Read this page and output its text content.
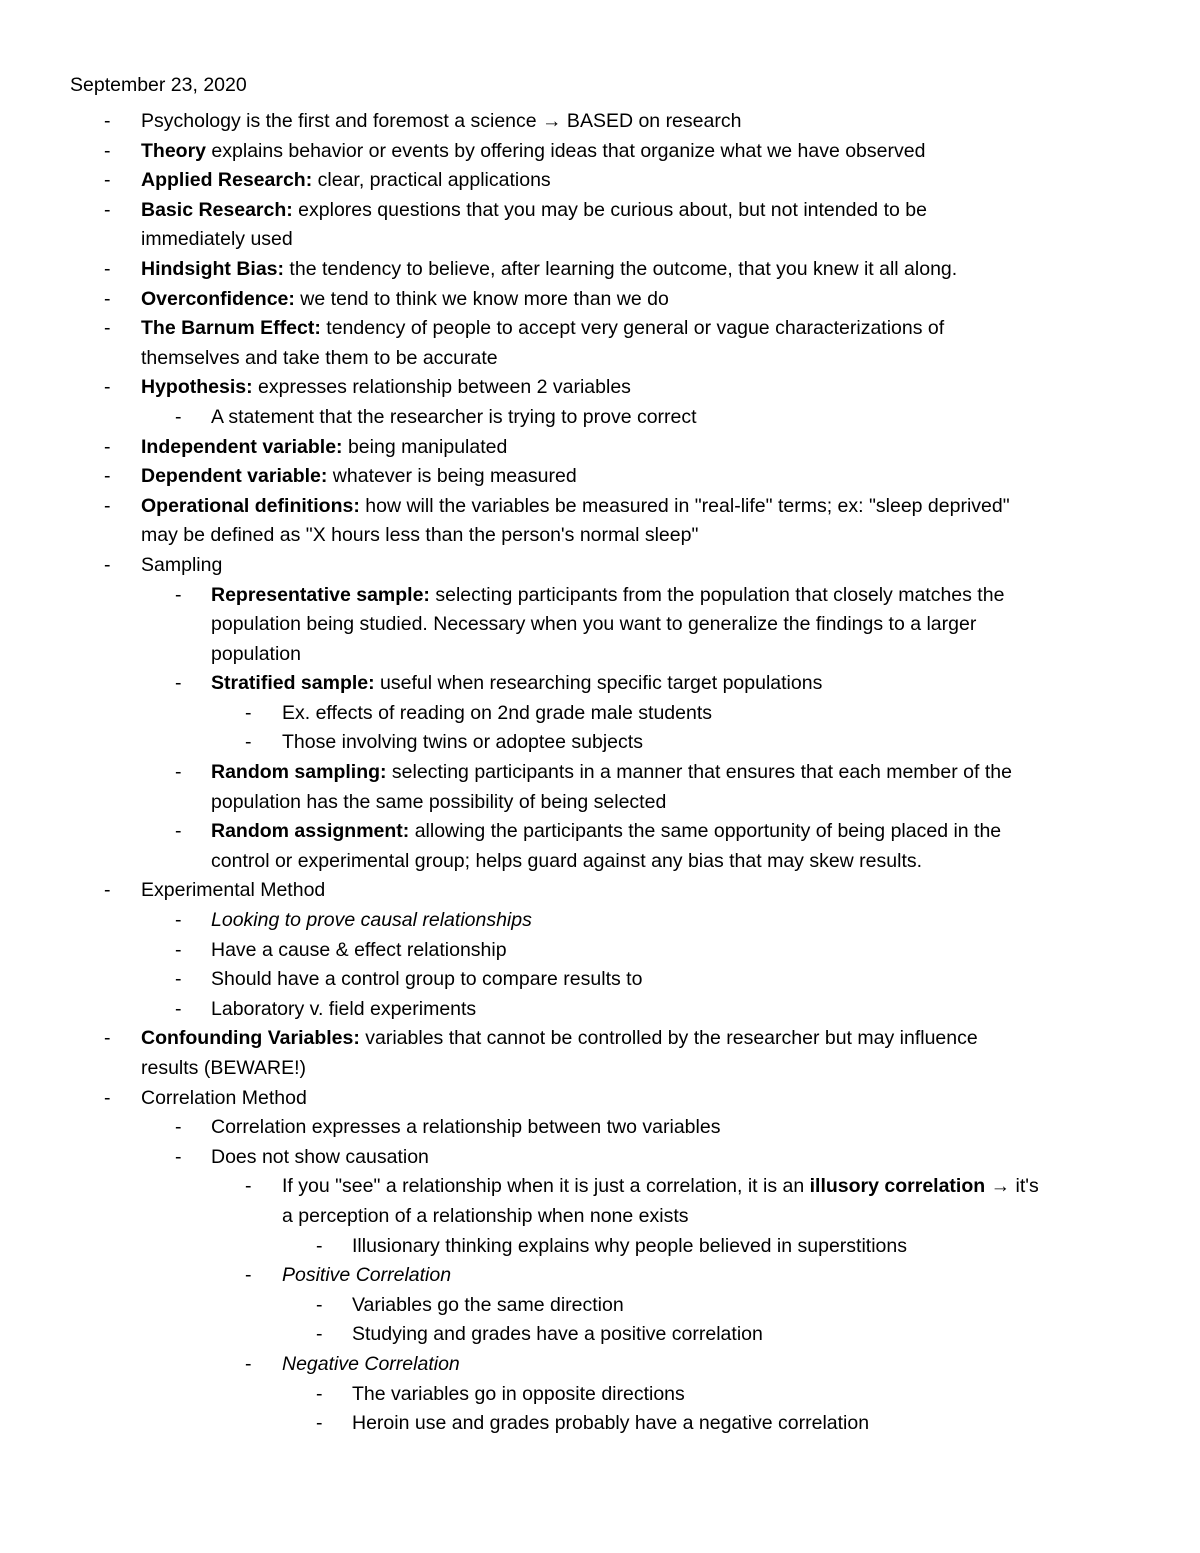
September 23, 2020
- Psychology is the first and foremost a science → BASED on research
- Theory explains behavior or events by offering ideas that organize what we have observed
- Applied Research: clear, practical applications
- Basic Research: explores questions that you may be curious about, but not intended to be
immediately used
- Hindsight Bias: the tendency to believe, after learning the outcome, that you knew it all along.
- Overconfidence: we tend to think we know more than we do
- The Barnum Effect: tendency of people to accept very general or vague characterizations of
themselves and take them to be accurate
- Hypothesis: expresses relationship between 2 variables
- A statement that the researcher is trying to prove correct
- Independent variable: being manipulated
- Dependent variable: whatever is being measured
- Operational definitions: how will the variables be measured in "real-life" terms; ex: "sleep deprived"
may be defined as "X hours less than the person's normal sleep"
- Sampling
- Representative sample: selecting participants from the population that closely matches the
population being studied. Necessary when you want to generalize the findings to a larger
population
- Stratified sample: useful when researching specific target populations
- Ex. effects of reading on 2nd grade male students
- Those involving twins or adoptee subjects
- Random sampling: selecting participants in a manner that ensures that each member of the
population has the same possibility of being selected
- Random assignment: allowing the participants the same opportunity of being placed in the
control or experimental group; helps guard against any bias that may skew results.
- Experimental Method
- Looking to prove causal relationships
- Have a cause & effect relationship
- Should have a control group to compare results to
- Laboratory v. field experiments
- Confounding Variables: variables that cannot be controlled by the researcher but may influence
results (BEWARE!)
- Correlation Method
- Correlation expresses a relationship between two variables
- Does not show causation
- If you "see" a relationship when it is just a correlation, it is an illusory correlation → it's
a perception of a relationship when none exists
- Illusionary thinking explains why people believed in superstitions
- Positive Correlation
- Variables go the same direction
- Studying and grades have a positive correlation
- Negative Correlation
- The variables go in opposite directions
- Heroin use and grades probably have a negative correlation
